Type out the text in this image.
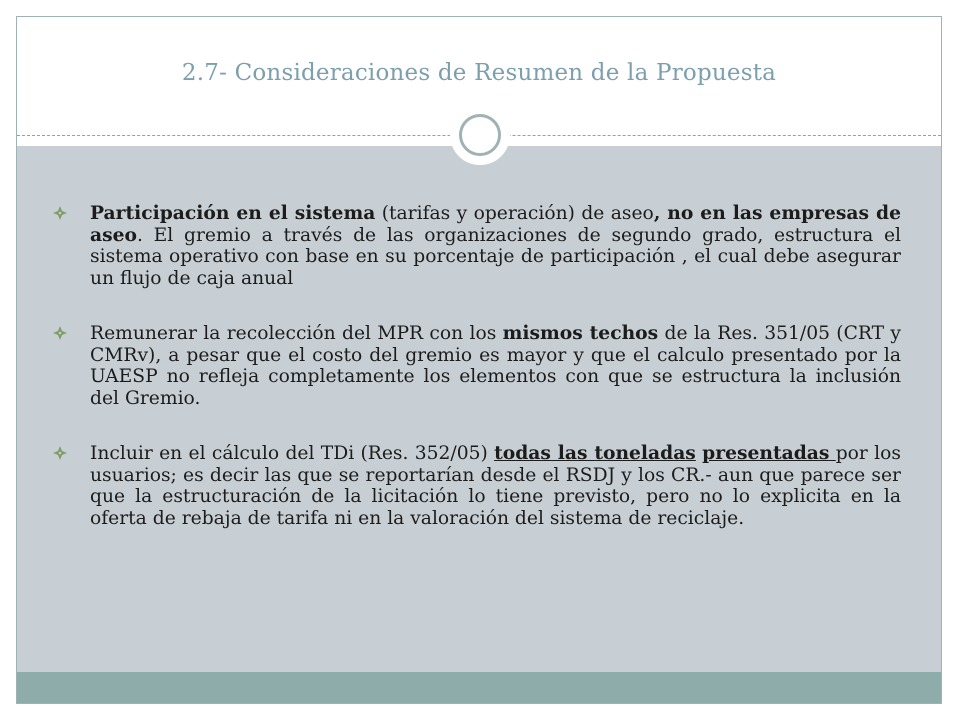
2.7- Consideraciones de Resumen de la Propuesta
Participación en el sistema (tarifas y operación) de aseo, no en las empresas de aseo. El gremio a través de las organizaciones de segundo grado, estructura el sistema operativo con base en su porcentaje de participación , el cual debe asegurar un flujo de caja anual
Remunerar la recolección del MPR con los mismos techos de la Res. 351/05 (CRT y CMRv), a pesar que el costo del gremio es mayor y que el calculo presentado por la UAESP no refleja completamente los elementos con que se estructura la inclusión del Gremio.
Incluir en el cálculo del TDi (Res. 352/05) todas las toneladas presentadas por los usuarios; es decir las que se reportarían desde el RSDJ y los CR.- aun que parece ser que la estructuración de la licitación lo tiene previsto, pero no lo explicita en la oferta de rebaja de tarifa ni en la valoración del sistema de reciclaje.
